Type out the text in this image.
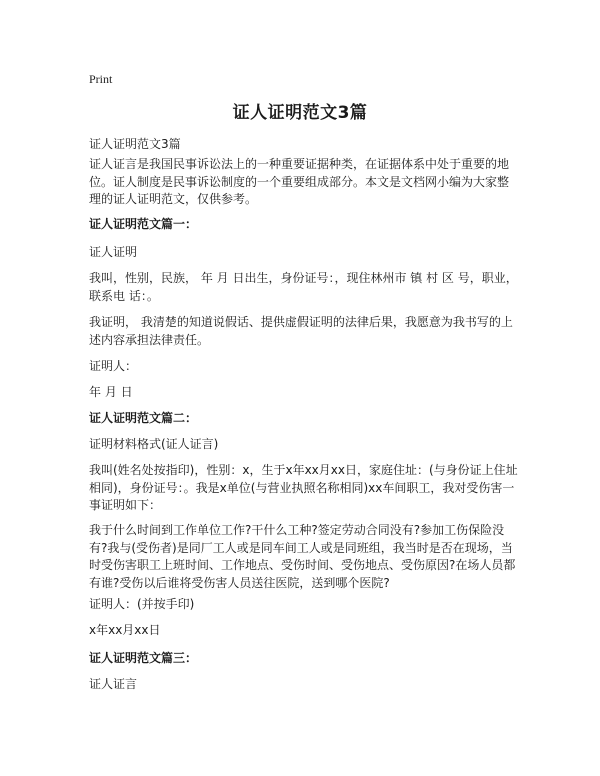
Print
证人证明范文3篇

证人证明范文3篇

证人证言是我国民事诉讼法上的一种重要证据种类，在证据体系中处于重要的地位。证人制度是民事诉讼制度的一个重要组成部分。本文是文档网小编为大家整理的证人证明范文，仅供参考。

证人证明范文篇一：

证人证明

我叫，性别，民族， 年 月 日出生，身份证号：，现住林州市 镇 村 区 号，职业，联系电 话：。

我证明， 我清楚的知道说假话、提供虚假证明的法律后果，我愿意为我书写的上述内容承担法律责任。

证明人：

年 月 日

证人证明范文篇二：

证明材料格式(证人证言)

我叫(姓名处按指印)，性别：x，生于x年xx月xx日，家庭住址：(与身份证上住址相同)，身份证号：。我是x单位(与营业执照名称相同)xx车间职工，我对受伤害一事证明如下：

我于什么时间到工作单位工作?干什么工种?签定劳动合同没有?参加工伤保险没有?我与(受伤者)是同厂工人或是同车间工人或是同班组，我当时是否在现场，当时受伤害职工上班时间、工作地点、受伤时间、受伤地点、受伤原因?在场人员都有谁?受伤以后谁将受伤害人员送往医院，送到哪个医院?

证明人：(并按手印)

x年xx月xx日

证人证明范文篇三：

证人证言
